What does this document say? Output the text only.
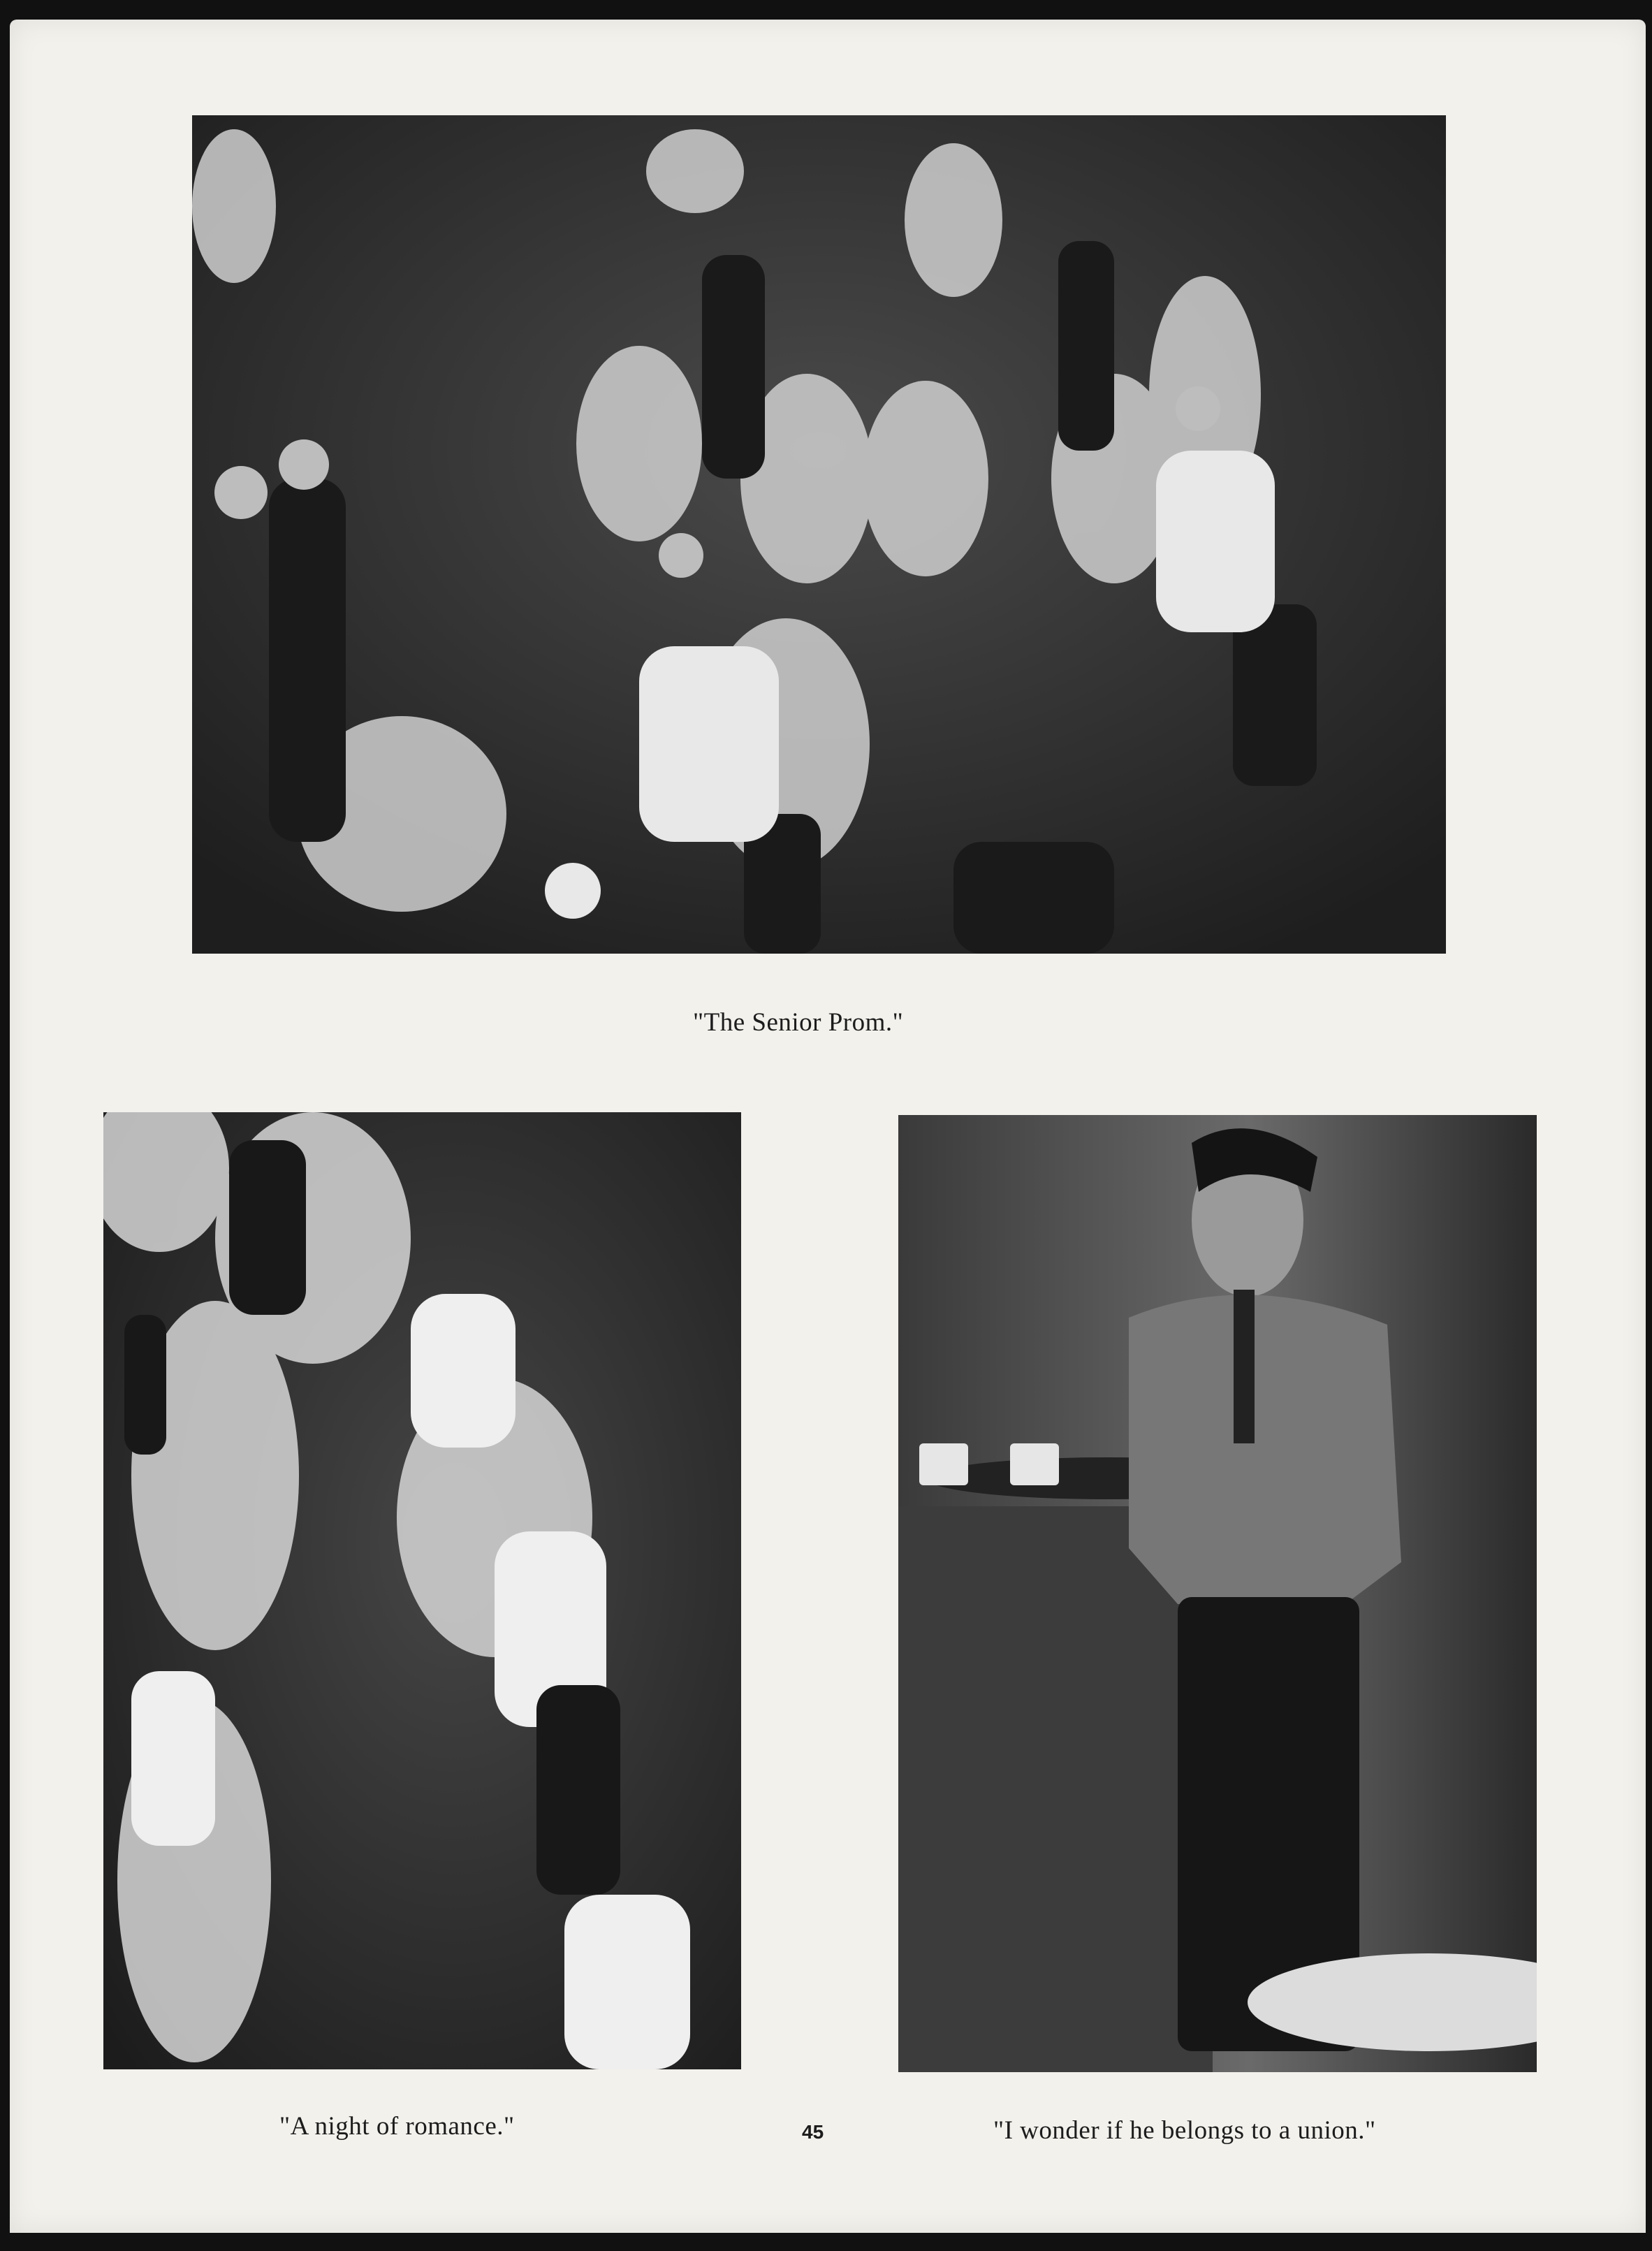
"The Senior Prom."
"A night of romance."	"I wonder if he belongs to a union."
45
